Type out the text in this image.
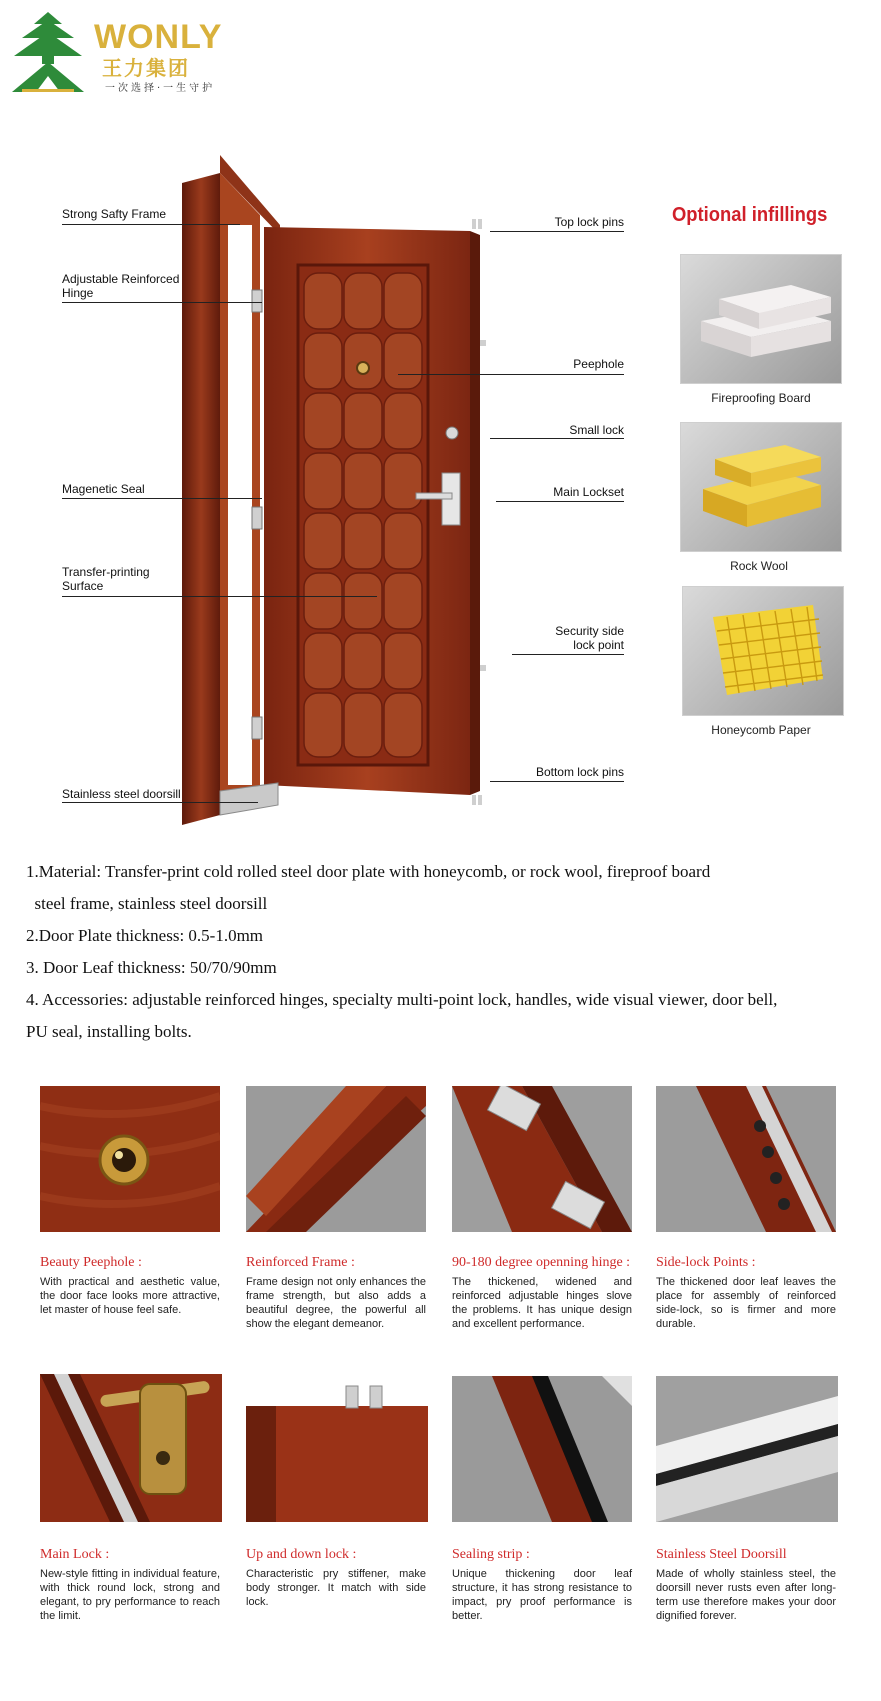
WONLY
王力集团
一次选择·一生守护
Strong Safty Frame
Adjustable Reinforced
Hinge
Magenetic Seal
Transfer-printing
Surface
Stainless steel doorsill
Top lock pins
Peephole
Small lock
Main Lockset
Security side
lock point
Bottom lock pins
Optional infillings
Fireproofing Board
Rock Wool
Honeycomb Paper
1.Material: Transfer-print cold rolled steel door plate with honeycomb, or rock wool, fireproof board
steel frame, stainless steel doorsill
2.Door Plate thickness: 0.5-1.0mm
3. Door Leaf thickness: 50/70/90mm
4. Accessories: adjustable reinforced hinges, specialty multi-point lock, handles, wide visual viewer, door bell,
PU seal, installing bolts.
Beauty Peephole :
With practical and aesthetic value, the door face looks more attractive, let master of house feel safe.
Reinforced Frame :
Frame design not only enhances the frame strength, but also adds a beautiful degree, the powerful all show the elegant demeanor.
90-180 degree openning hinge :
The thickened, widened and reinforced adjustable hinges slove the problems. It has unique design and excellent performance.
Side-lock Points :
The thickened door leaf leaves the place for assembly of reinforced side-lock, so is firmer and more durable.
Main Lock :
New-style fitting in individual feature, with thick round lock, strong and elegant, to pry performance to reach the limit.
Up and down lock :
Characteristic pry stiffener, make body stronger. It match with side lock.
Sealing strip :
Unique thickening door leaf structure, it has strong resistance to impact, pry proof performance is better.
Stainless Steel Doorsill
Made of wholly stainless steel, the doorsill never rusts even after long-term use therefore makes your door dignified forever.
